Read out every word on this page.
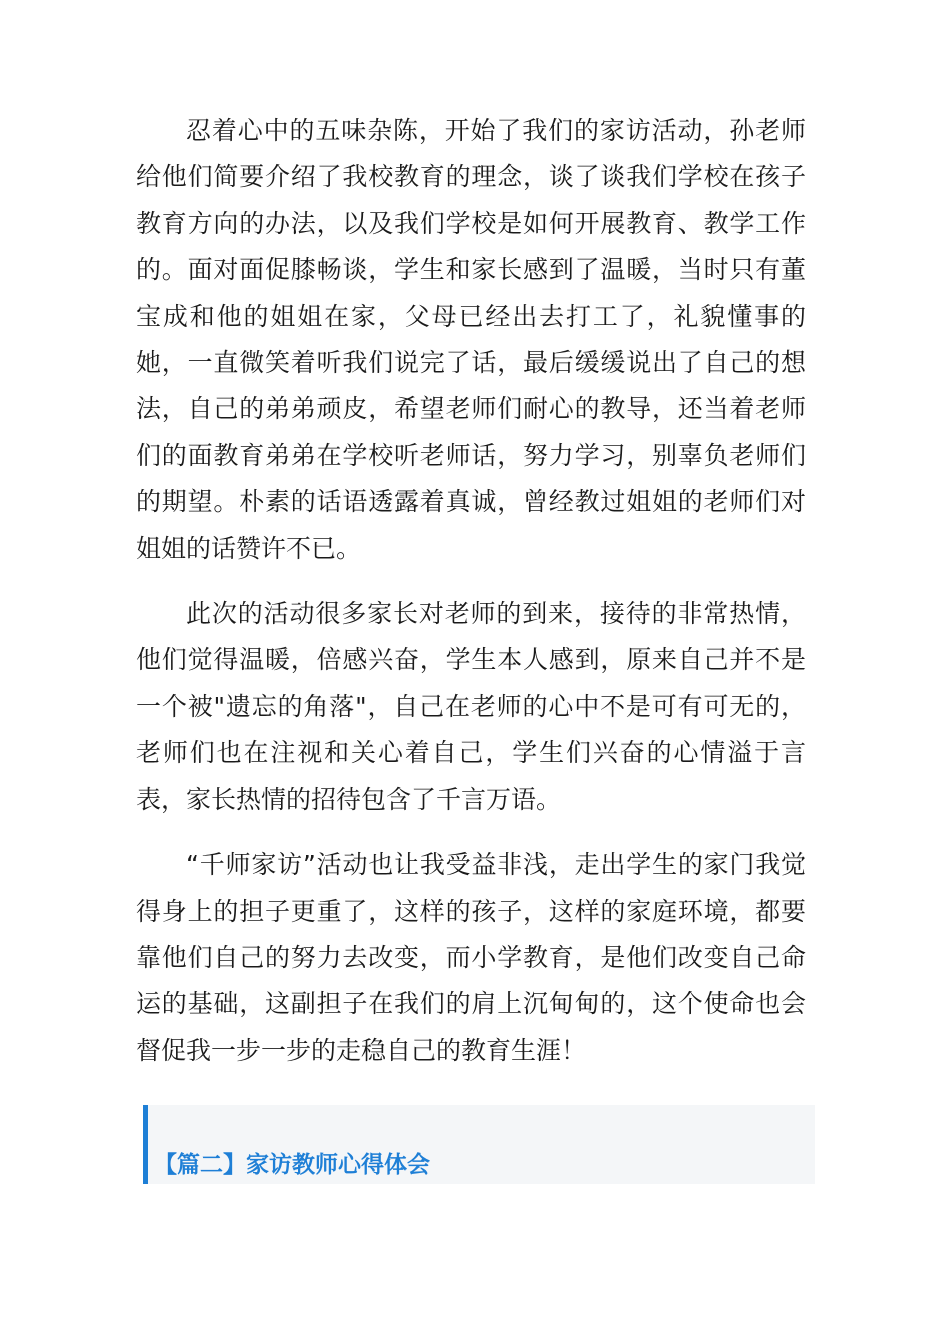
忍着心中的五味杂陈，开始了我们的家访活动，孙老师给他们简要介绍了我校教育的理念，谈了谈我们学校在孩子教育方向的办法，以及我们学校是如何开展教育、教学工作的。面对面促膝畅谈，学生和家长感到了温暖，当时只有董宝成和他的姐姐在家，父母已经出去打工了，礼貌懂事的她，一直微笑着听我们说完了话，最后缓缓说出了自己的想法，自己的弟弟顽皮，希望老师们耐心的教导，还当着老师们的面教育弟弟在学校听老师话，努力学习，别辜负老师们的期望。朴素的话语透露着真诚，曾经教过姐姐的老师们对姐姐的话赞许不已。

此次的活动很多家长对老师的到来，接待的非常热情，他们觉得温暖，倍感兴奋，学生本人感到，原来自己并不是一个被"遗忘的角落"，自己在老师的心中不是可有可无的，老师们也在注视和关心着自己，学生们兴奋的心情溢于言表，家长热情的招待包含了千言万语。

“千师家访”活动也让我受益非浅，走出学生的家门我觉得身上的担子更重了，这样的孩子，这样的家庭环境，都要靠他们自己的努力去改变，而小学教育，是他们改变自己命运的基础，这副担子在我们的肩上沉甸甸的，这个使命也会督促我一步一步的走稳自己的教育生涯！

【篇二】家访教师心得体会
